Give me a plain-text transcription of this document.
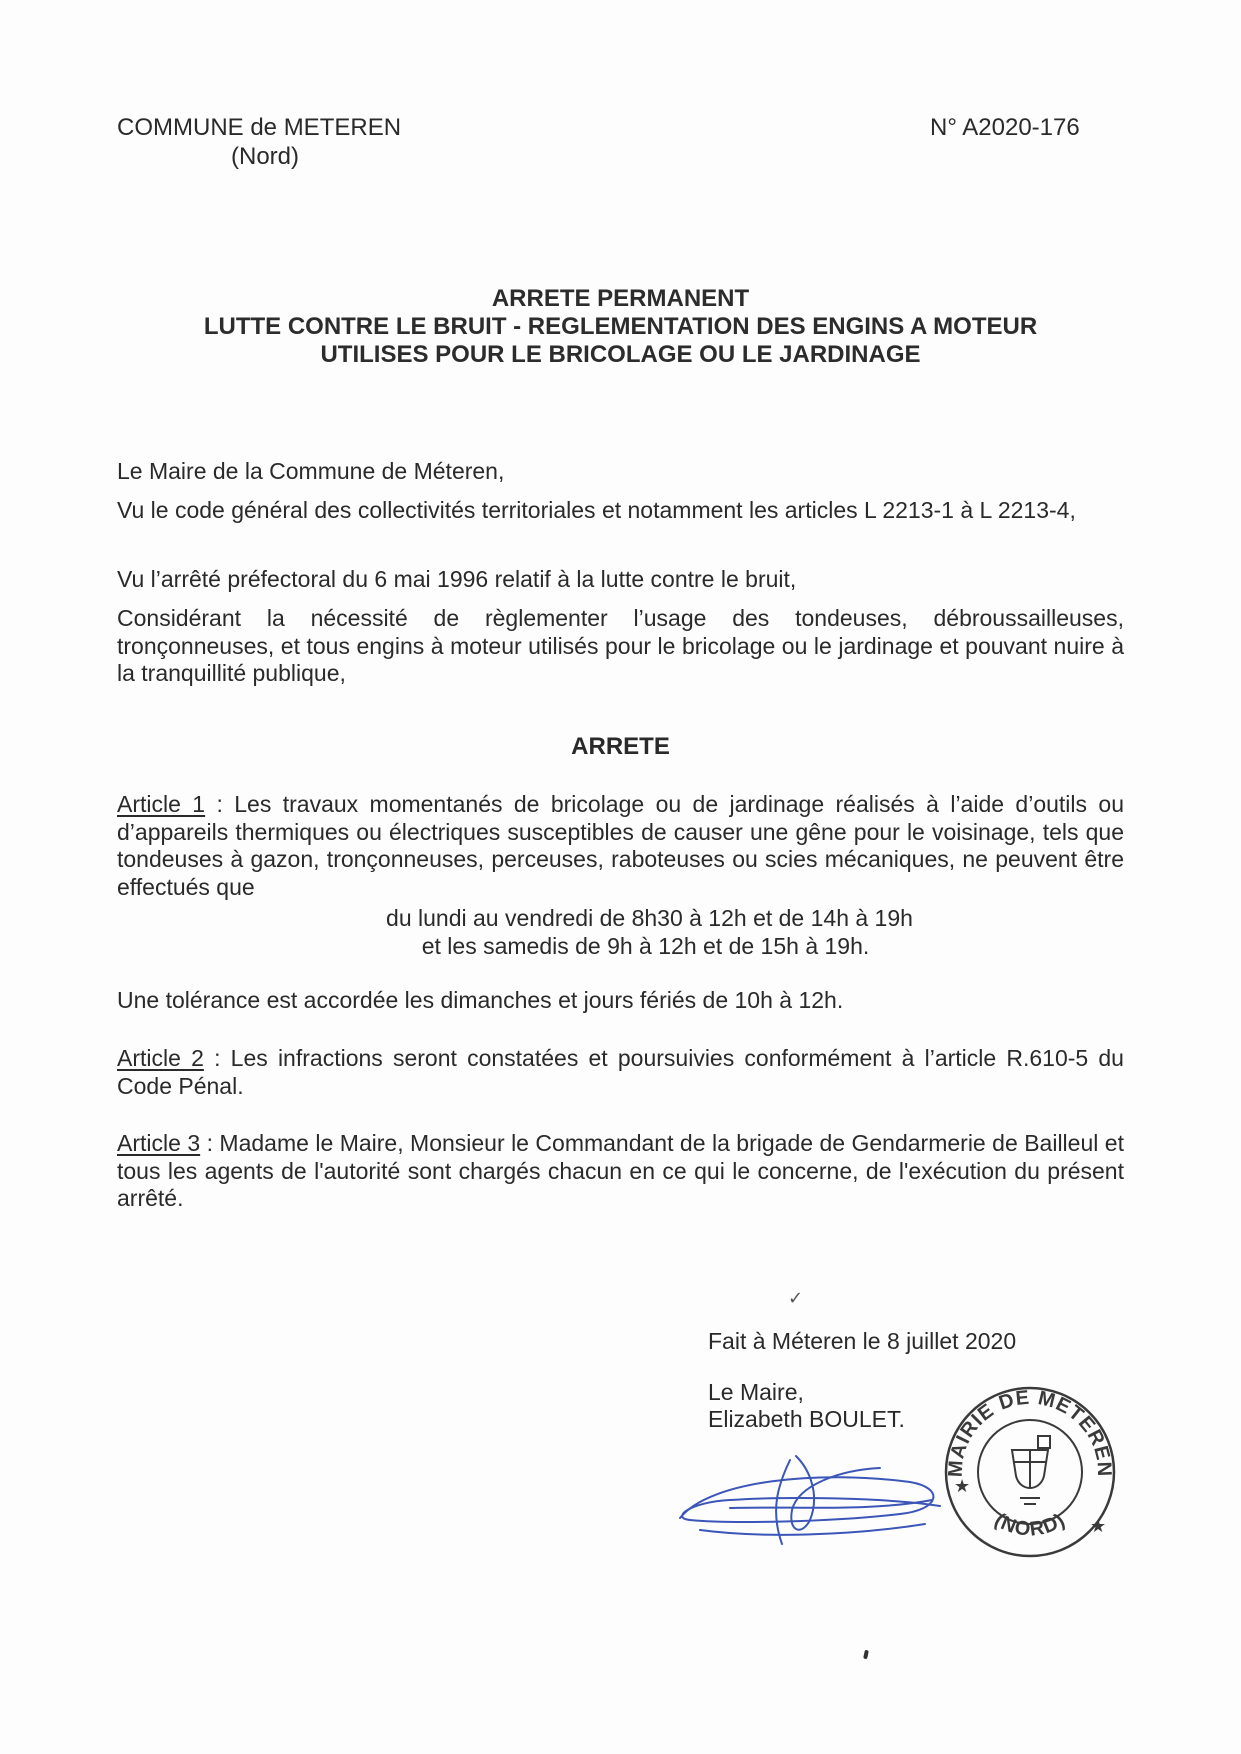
COMMUNE de METEREN
(Nord)
N° A2020-176
ARRETE PERMANENT
LUTTE CONTRE LE BRUIT - REGLEMENTATION DES ENGINS A MOTEUR
UTILISES POUR LE BRICOLAGE OU LE JARDINAGE

Le Maire de la Commune de Méteren,

Vu le code général des collectivités territoriales et notamment les articles L 2213-1 à L 2213-4,

Vu l’arrêté préfectoral du 6 mai 1996 relatif à la lutte contre le bruit,

Considérant la nécessité de règlementer l’usage des tondeuses, débroussailleuses, tronçonneuses, et tous engins à moteur utilisés pour le bricolage ou le jardinage et pouvant nuire à la tranquillité publique,

ARRETE

Article 1 : Les travaux momentanés de bricolage ou de jardinage réalisés à l’aide d’outils ou d’appareils thermiques ou électriques susceptibles de causer une gêne pour le voisinage, tels que tondeuses à gazon, tronçonneuses, perceuses, raboteuses ou scies mécaniques, ne peuvent être effectués que

du lundi au vendredi de 8h30 à 12h et de 14h à 19h
et les samedis de 9h à 12h et de 15h à 19h.

Une tolérance est accordée les dimanches et jours fériés de 10h à 12h.

Article 2 : Les infractions seront constatées et poursuivies conformément à l’article R.610-5 du Code Pénal.

Article 3 : Madame le Maire, Monsieur le Commandant de la brigade de Gendarmerie de Bailleul et tous les agents de l'autorité sont chargés chacun en ce qui le concerne, de l'exécution du présent arrêté.

✓
Fait à Méteren le 8 juillet 2020
Le Maire,
Elizabeth BOULET.
MAIRIE DE METEREN
(NORD)
★
★
